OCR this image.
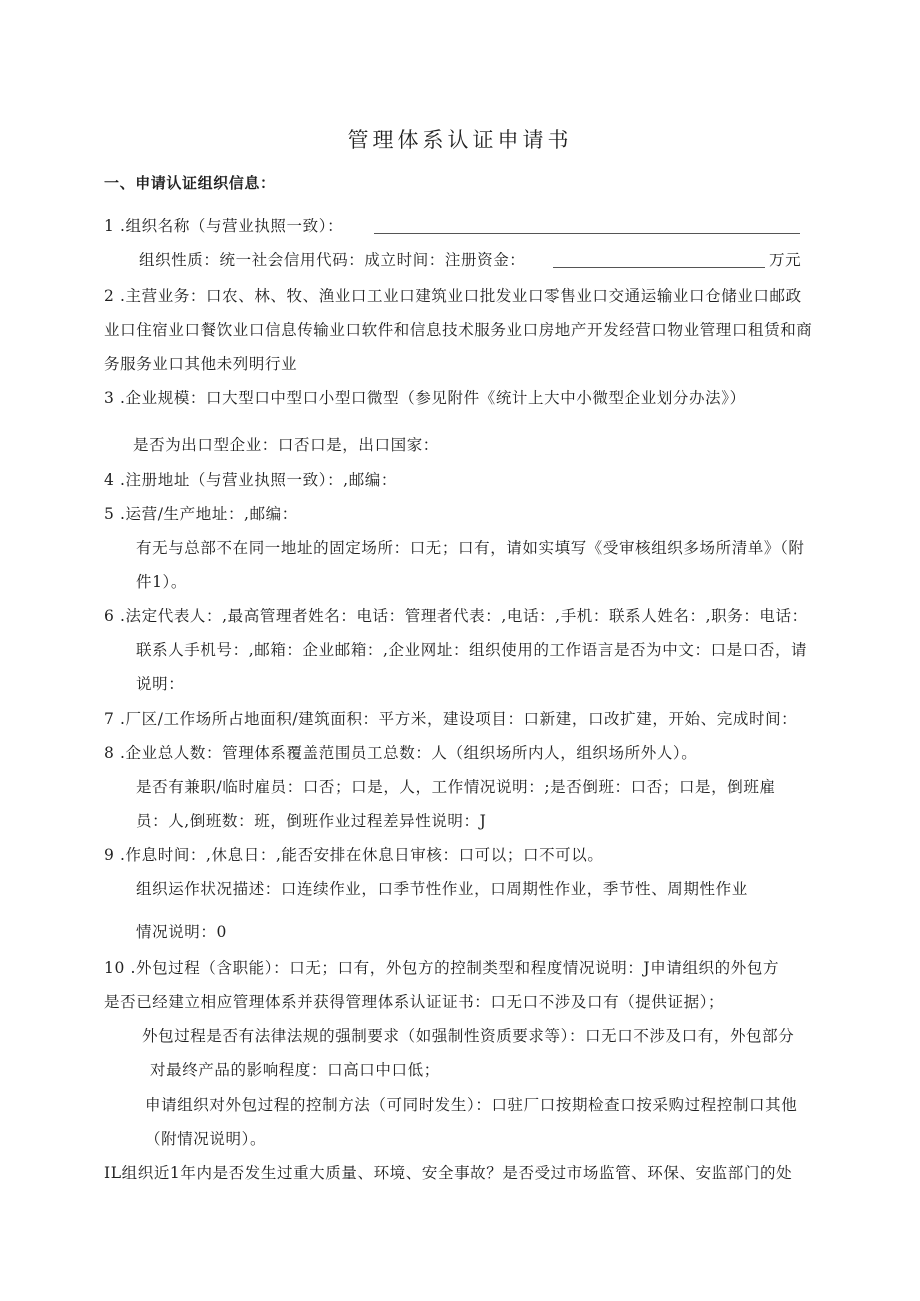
管理体系认证申请书
一、申请认证组织信息：
1 .组织名称（与营业执照一致）：
组织性质：统一社会信用代码：成立时间：注册资金：	万元
2 .主营业务：口农、林、牧、渔业口工业口建筑业口批发业口零售业口交通运输业口仓储业口邮政
业口住宿业口餐饮业口信息传输业口软件和信息技术服务业口房地产开发经营口物业管理口租赁和商
务服务业口其他未列明行业
3 .企业规模：口大型口中型口小型口微型（参见附件《统计上大中小微型企业划分办法》）
是否为出口型企业：口否口是，出口国家：
4 .注册地址（与营业执照一致）：,邮编：
5 .运营/生产地址：,邮编：
有无与总部不在同一地址的固定场所：口无；口有，请如实填写《受审核组织多场所清单》（附
件1）。
6 .法定代表人：,最高管理者姓名：电话：管理者代表：,电话：,手机：联系人姓名：,职务：电话：
联系人手机号：,邮箱：企业邮箱：,企业网址：组织使用的工作语言是否为中文：口是口否，请
说明：
7 .厂区/工作场所占地面积/建筑面积：平方米，建设项目：口新建，口改扩建，开始、完成时间：
8 .企业总人数：管理体系覆盖范围员工总数：人（组织场所内人，组织场所外人）。
是否有兼职/临时雇员：口否；口是，人，工作情况说明：;是否倒班：口否；口是，倒班雇
员：人,倒班数：班，倒班作业过程差异性说明：J
9 .作息时间：,休息日：,能否安排在休息日审核：口可以；口不可以。
组织运作状况描述：口连续作业，口季节性作业，口周期性作业，季节性、周期性作业
情况说明：0
10 .外包过程（含职能）：口无；口有，外包方的控制类型和程度情况说明：J申请组织的外包方
是否已经建立相应管理体系并获得管理体系认证证书：口无口不涉及口有（提供证据）；
外包过程是否有法律法规的强制要求（如强制性资质要求等）：口无口不涉及口有，外包部分
对最终产品的影响程度：口高口中口低；
申请组织对外包过程的控制方法（可同时发生）：口驻厂口按期检查口按采购过程控制口其他
（附情况说明）。
IL组织近1年内是否发生过重大质量、环境、安全事故？是否受过市场监管、环保、安监部门的处
